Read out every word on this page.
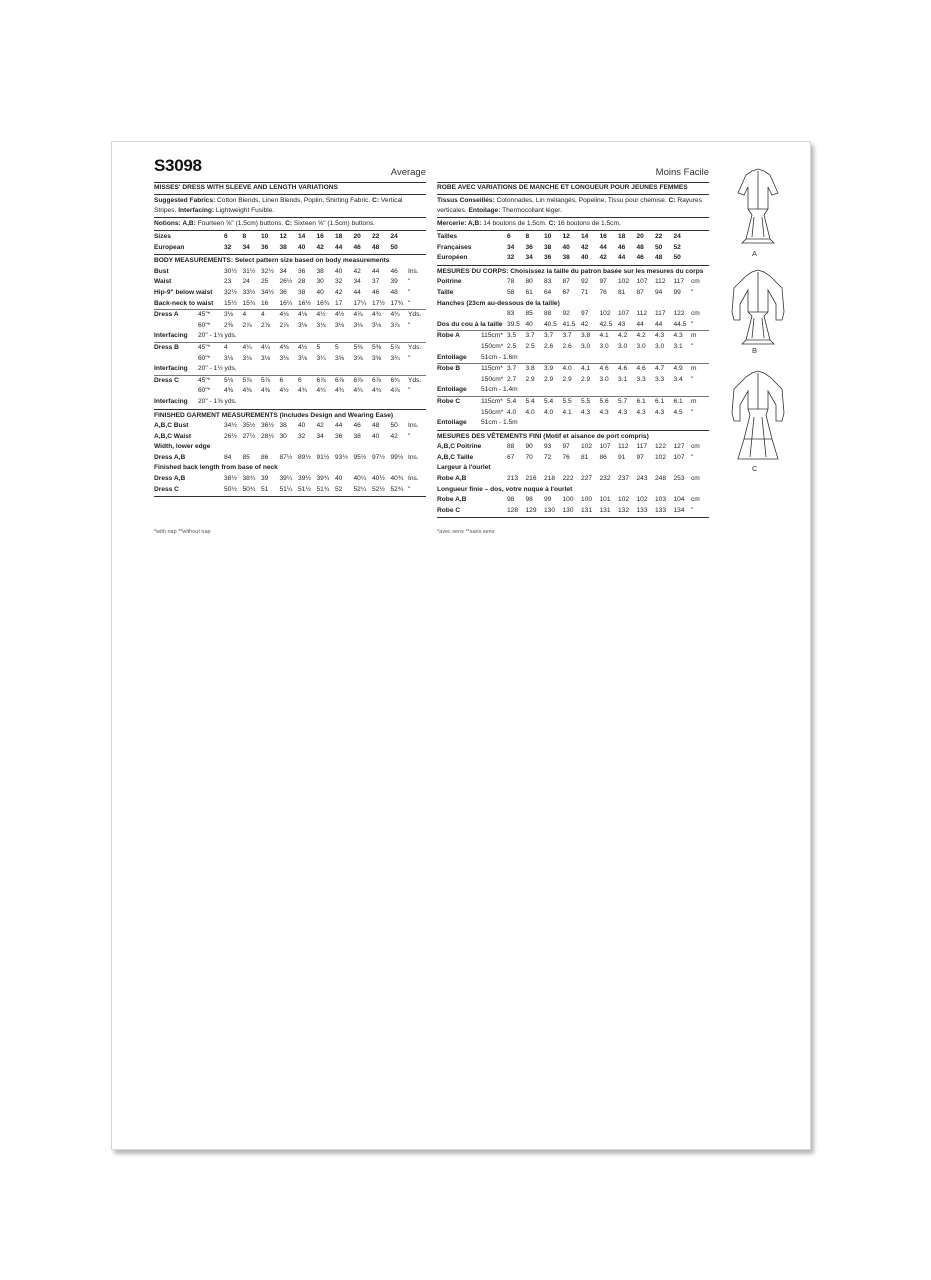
S3098	Average
MISSES' DRESS WITH SLEEVE AND LENGTH VARIATIONS
Suggested Fabrics: Cotton Blends, Linen Blends, Poplin, Shirting Fabric. C: Vertical
Stripes. Interfacing: Lightweight Fusible.
Notions: A,B: Fourteen ⅝" (1.5cm) buttons. C: Sixteen ⅝" (1.5cm) buttons.
Sizes	6 8 10 12 14 16 18 20 22 24
European	32 34 36 38 40 42 44 46 48 50
BODY MEASUREMENTS: Select pattern size based on body measurements
Bust	30½ 31½ 32½ 34 36 38 40 42 44 46 Ins.
Waist	23 24 25 26½ 28 30 32 34 37 39 "
Hip-9" below waist 32½ 33½ 34½ 36 38 40 42 44 46 48 "
Back-neck to waist 15½ 15¾ 16 16¼ 16½ 16¾ 17 17¼ 17½ 17¾ "
Dress A	45"* 3⅛ 4 4 4⅛ 4⅛ 4½ 4½ 4⅞ 4¾ 4¾ Yds.
60"* 2⅜ 2⅞ 2⅞ 2⅞ 3⅛ 3⅛ 3⅛ 3⅛ 3⅛ 3⅞ "
Interfacing 20" - 1⅛ yds.
Dress B	45"* 4 4¼ 4¼ 4⅜ 4½ 5 5 5⅜ 5⅜ 5⅞ Yds.
60"* 3⅛ 3⅛ 3⅛ 3⅛ 3⅛ 3¼ 3⅝ 3⅝ 3⅝ 3¾ "
Interfacing 20" - 1½ yds.
Dress C	45"* 5⅛ 5⅞ 5⅞ 6 6 6⅞ 6⅞ 6⅞ 6⅞ 6¾ Yds.
60"* 4⅜ 4⅜ 4⅜ 4½ 4¾ 4¾ 4¾ 4¾ 4¾ 4⅞ "
Interfacing 20" - 1⅝ yds.
FINISHED GARMENT MEASUREMENTS (Includes Design and Wearing Ease)
A,B,C Bust	34½ 35½ 36½ 38 40 42 44 46 48 50 Ins.
A,B,C Waist	26½ 27½ 28½ 30 32 34 36 38 40 42 "
Width, lower edge
Dress A,B	84 85 86 87½ 89½ 91½ 93½ 95½ 97½ 99½ Ins.
Finished back length from base of neck
Dress A,B	38½ 38¾ 39 39¼ 39½ 39¾ 40 40¼ 40½ 40¾ Ins.
Dress C	50½ 50¾ 51 51¼ 51½ 51¾ 52 52¼ 52½ 52¾ "
Moins Facile
ROBE AVEC VARIATIONS DE MANCHE ET LONGUEUR POUR JEUNES FEMMES
Tissus Conseillés: Cotonnades, Lin mélangés, Popeline, Tissu pour chemise. C: Rayures
verticales. Entoilage: Thermocollant léger.
Mercerie: A,B: 14 boutons de 1.5cm. C: 16 boutons de 1.5cm.
Tailles	6 8 10 12 14 16 18 20 22 24
Françaises	34 36 38 40 42 44 46 48 50 52
Européen	32 34 36 38 40 42 44 46 48 50
MESURES DU CORPS: Choisissez la taille du patron basée sur les mesures du corps
Poitrine	78 80 83 87 92 97 102 107 112 117 cm
Taille	58 61 64 67 71 76 81 87 94 99 "
Hanches (23cm au-dessous de la taille)
83 85 88 92 97 102 107 112 117 122 cm
Dos du cou à la taille 39.5 40 40.5 41.5 42 42.5 43 44 44 44.5 "
Robe A	115cm* 3.5 3.7 3.7 3.7 3.8 4.1 4.2 4.2 4.3 4.3 m
150cm* 2.5 2.5 2.6 2.6 3.0 3.0 3.0 3.0 3.0 3.1 "
Entoilage 51cm - 1.6m
Robe B	115cm* 3.7 3.8 3.9 4.0 4.1 4.6 4.6 4.6 4.7 4.9 m
150cm* 2.7 2.9 2.9 2.9 2.9 3.0 3.1 3.3 3.3 3.4 "
Entoilage 51cm - 1.4m
Robe C	115cm* 5.4 5.4 5.4 5.5 5.5 5.6 5.7 6.1 6.1 6.1 m
150cm* 4.0 4.0 4.0 4.1 4.3 4.3 4.3 4.3 4.3 4.5 "
Entoilage 51cm - 1.5m
MESURES DES VÊTEMENTS FINI (Motif et aisance de port compris)
A,B,C Poitrine	88 90 93 97 102 107 112 117 122 127 cm
A,B,C Taille	67 70 72 76 81 86 91 97 102 107 "
Largeur à l'ourlet
Robe A,B	213 216 218 222 227 232 237 243 248 253 cm
Longueur finie – dos, votre nuque à l'ourlet
Robe A,B	98 98 99 100 100 101 102 102 103 104 cm
Robe C	128 129 130 130 131 131 132 133 133 134 "
*with nap **without nap	*avec sens **sans sens
A
B
C
